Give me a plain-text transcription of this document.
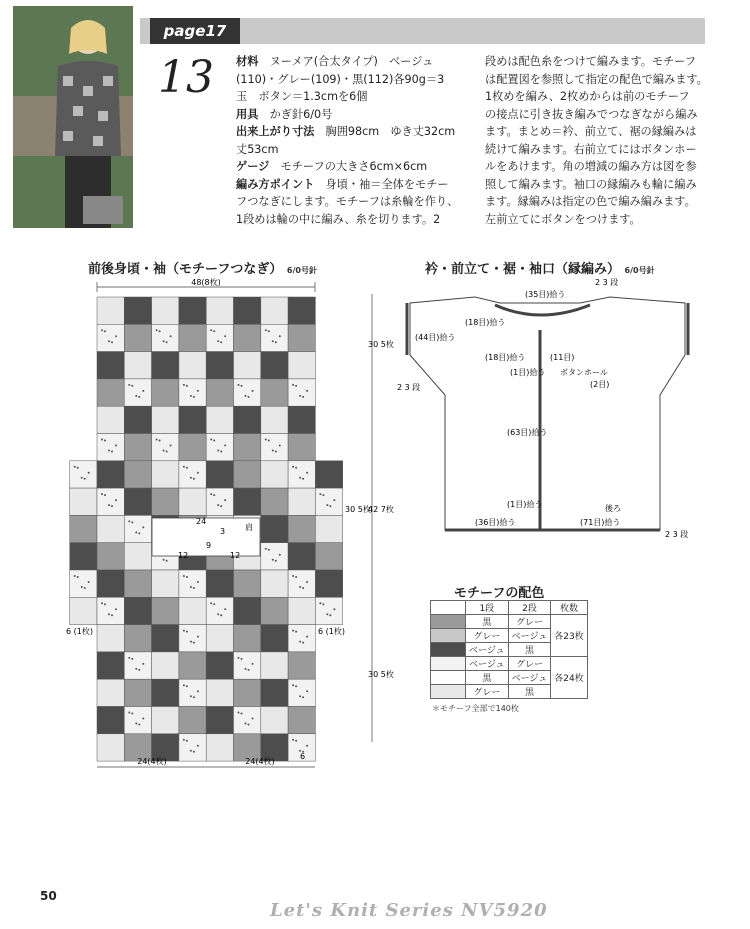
page17
13 材料　ヌーメア(合太タイプ)　ベージュ
(110)・グレー(109)・黒(112)各90g＝3
玉　ボタン＝1.3cmを6個
用具　かぎ針6/0号
出来上がり寸法　胸囲98cm　ゆき丈32cm
丈53cm
ゲージ　モチーフの大きさ6cm×6cm
編み方ポイント　身頃・袖＝全体をモチー
フつなぎにします。モチーフは糸輪を作り、
1段めは輪の中に編み、糸を切ります。2
段めは配色糸をつけて編みます。モチーフ
は配置図を参照して指定の配色で編みます。
1枚めを編み、2枚めからは前のモチーフ
の接点に引き抜き編みでつなぎながら編み
ます。まとめ＝衿、前立て、裾の縁編みは
続けて編みます。右前立てにはボタンホー
ルをあけます。角の増減の編み方は図を参
照して編みます。袖口の縁編みも輪に編み
ます。縁編みは指定の色で編み編みます。
左前立てにボタンをつけます。
前後身頃・袖（モチーフつなぎ） 6/0号針
48(8枚)
30 5枚
42 7枚
30 5枚
30 5枚
6 (1枚)	6 (1枚)
24(4枚)	24(4枚)
6
24
3 肩
12
9
12
衿・前立て・裾・袖口（縁編み） 6/0号針
(35目)拾う
2 3 段
(44目)拾う
(18目)拾う
(18目)拾う
(1目)拾う
(11目)
ボタンホール
(2目)
2 3 段
(63目)拾う
(1目)拾う
(36目)拾う
後ろ
(71目)拾う
2 3 段
モチーフの配色
	1段	2段	枚数
	黒	グレー	各23枚
	グレー	ベージュ	
	ベージュ	黒	
	ベージュ	グレー	各24枚
	黒	ベージュ	
	グレー	黒	
＊モチーフ全部で140枚
50
Let's Knit Series NV5920
